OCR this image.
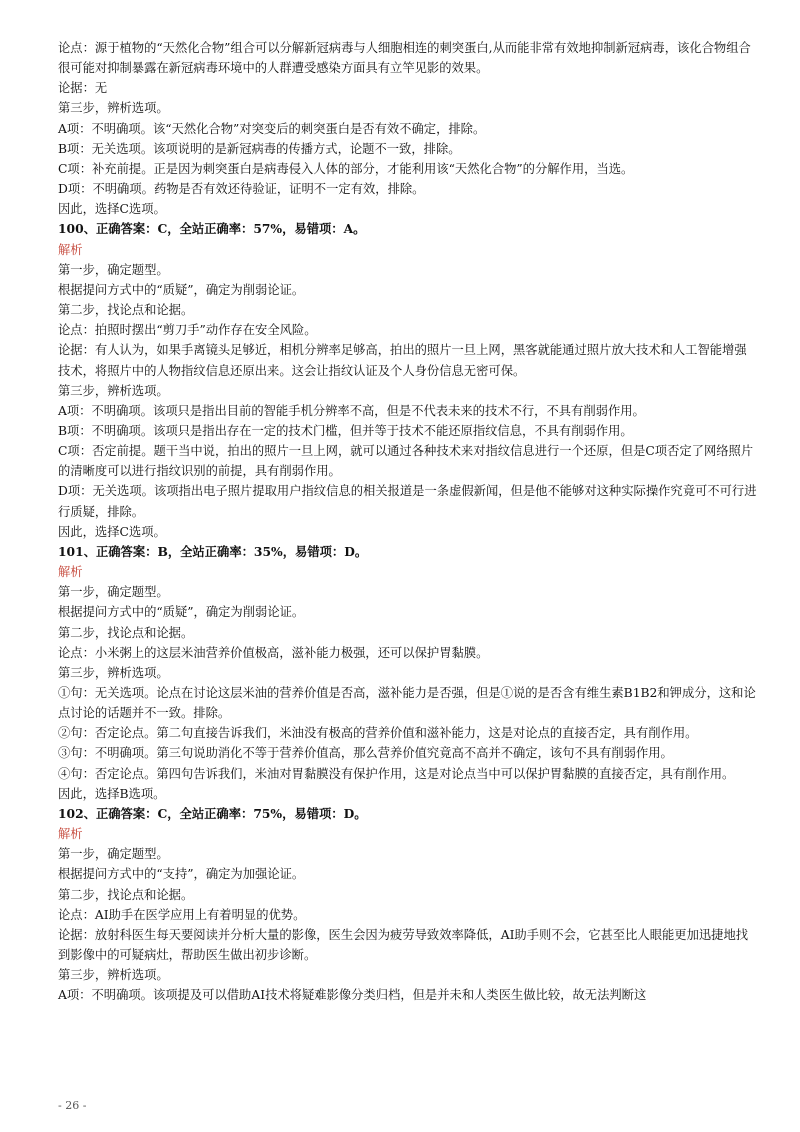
论点：源于植物的“天然化合物”组合可以分解新冠病毒与人细胞相连的刺突蛋白,从而能非常有效地抑制新冠病毒，该化合物组合很可能对抑制暴露在新冠病毒环境中的人群遭受感染方面具有立竿见影的效果。

论据：无

第三步，辨析选项。

A项：不明确项。该“天然化合物”对突变后的刺突蛋白是否有效不确定，排除。

B项：无关选项。该项说明的是新冠病毒的传播方式，论题不一致，排除。

C项：补充前提。正是因为刺突蛋白是病毒侵入人体的部分，才能利用该“天然化合物”的分解作用，当选。

D项：不明确项。药物是否有效还待验证，证明不一定有效，排除。

因此，选择C选项。

100、正确答案：C，全站正确率：57%，易错项：A。

解析

第一步，确定题型。

根据提问方式中的“质疑”，确定为削弱论证。

第二步，找论点和论据。

论点：拍照时摆出“剪刀手”动作存在安全风险。

论据：有人认为，如果手离镜头足够近，相机分辨率足够高，拍出的照片一旦上网，黑客就能通过照片放大技术和人工智能增强技术，将照片中的人物指纹信息还原出来。这会让指纹认证及个人身份信息无密可保。

第三步，辨析选项。

A项：不明确项。该项只是指出目前的智能手机分辨率不高，但是不代表未来的技术不行，不具有削弱作用。

B项：不明确项。该项只是指出存在一定的技术门槛，但并等于技术不能还原指纹信息，不具有削弱作用。

C项：否定前提。题干当中说，拍出的照片一旦上网，就可以通过各种技术来对指纹信息进行一个还原，但是C项否定了网络照片的清晰度可以进行指纹识别的前提，具有削弱作用。

D项：无关选项。该项指出电子照片提取用户指纹信息的相关报道是一条虚假新闻，但是他不能够对这种实际操作究竟可不可行进行质疑，排除。

因此，选择C选项。

101、正确答案：B，全站正确率：35%，易错项：D。

解析

第一步，确定题型。

根据提问方式中的“质疑”，确定为削弱论证。

第二步，找论点和论据。

论点：小米粥上的这层米油营养价值极高，滋补能力极强，还可以保护胃黏膜。

第三步，辨析选项。

①句：无关选项。论点在讨论这层米油的营养价值是否高，滋补能力是否强，但是①说的是否含有维生素B1B2和钾成分，这和论点讨论的话题并不一致。排除。

②句：否定论点。第二句直接告诉我们，米油没有极高的营养价值和滋补能力，这是对论点的直接否定，具有削作用。

③句：不明确项。第三句说助消化不等于营养价值高，那么营养价值究竟高不高并不确定，该句不具有削弱作用。

④句：否定论点。第四句告诉我们，米油对胃黏膜没有保护作用，这是对论点当中可以保护胃黏膜的直接否定，具有削作用。

因此，选择B选项。

102、正确答案：C，全站正确率：75%，易错项：D。

解析

第一步，确定题型。

根据提问方式中的“支持”，确定为加强论证。

第二步，找论点和论据。

论点：AI助手在医学应用上有着明显的优势。

论据：放射科医生每天要阅读并分析大量的影像，医生会因为疲劳导致效率降低，AI助手则不会，它甚至比人眼能更加迅捷地找到影像中的可疑病灶，帮助医生做出初步诊断。

第三步，辨析选项。

A项：不明确项。该项提及可以借助AI技术将疑难影像分类归档，但是并未和人类医生做比较，故无法判断这

- 26 -
